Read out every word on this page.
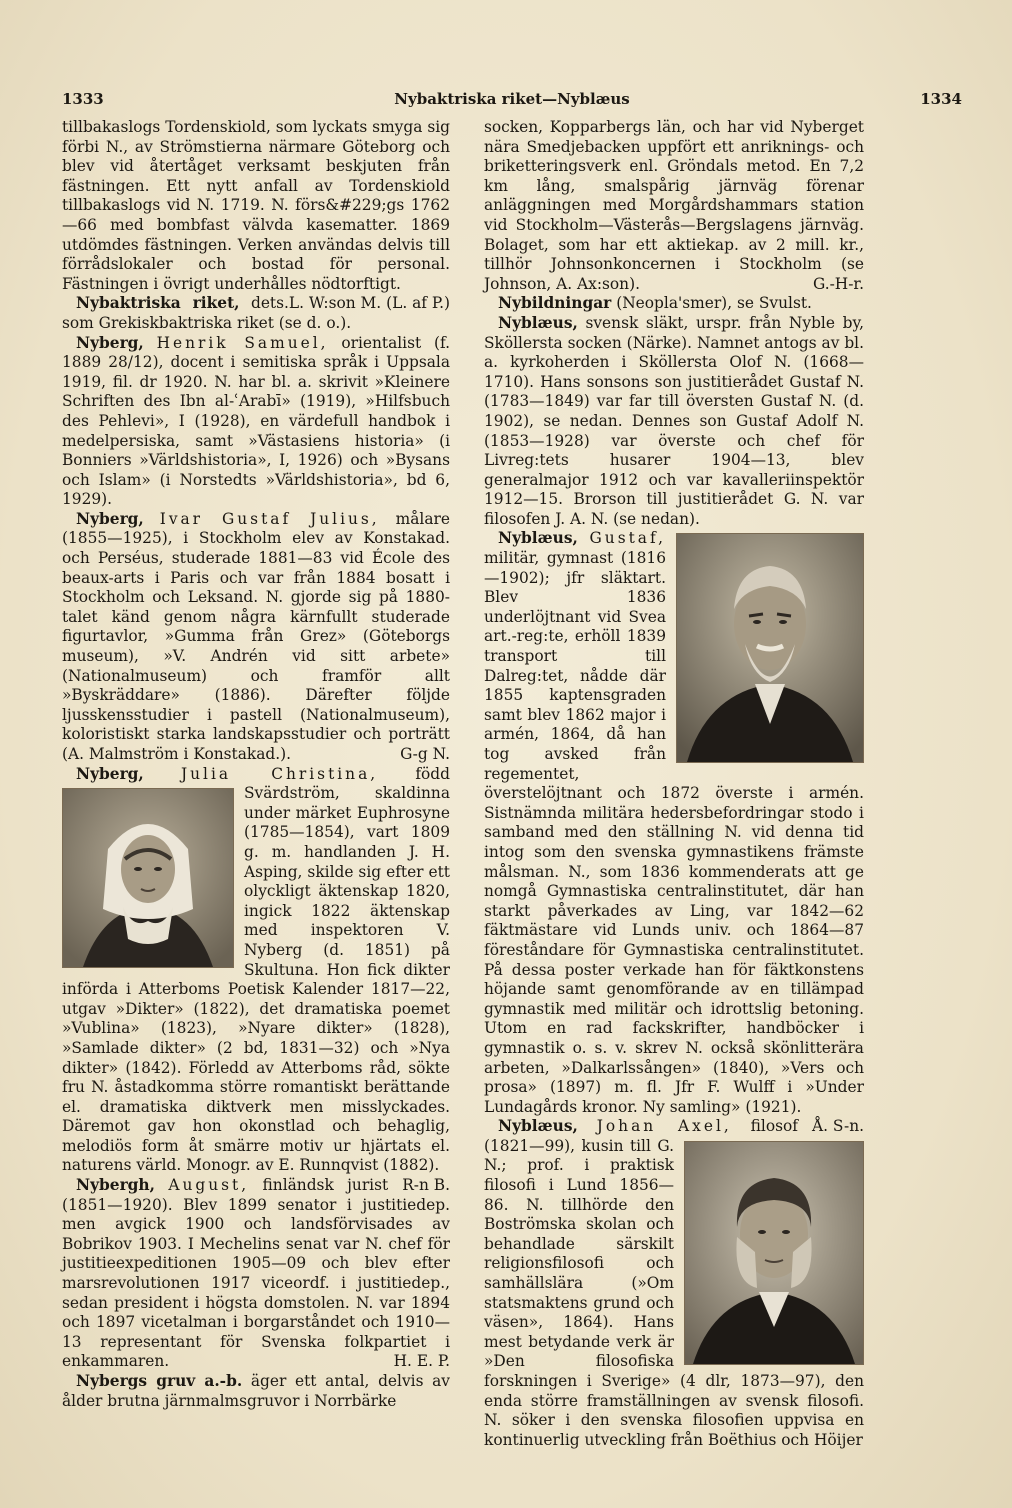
1333	Nybaktriska riket—Nyblæus	1334

tillbakaslogs Tordenskiold, som lyckats smyga sig förbi N., av Strömstierna närmare Göteborg och blev vid återtåget verksamt beskjuten från fästningen. Ett nytt anfall av Tordenskiold tillbakaslogs vid N. 1719. N. förs&#229;gs 1762—66 med bombfast välvda kasematter. 1869 utdömdes fästningen. Verken användas delvis till förrådslokaler och bostad för personal. Fästningen i övrigt underhålles nödtorftigt.
L. W:son M. (L. af P.)

Nybaktriska riket, dets. som Grekiskbaktriska riket (se d. o.).

Nyberg, Henrik Samuel, orientalist (f. 1889 28/12), docent i semitiska språk i Uppsala 1919, fil. dr 1920. N. har bl. a. skrivit »Kleinere Schriften des Ibn al-ʿArabī» (1919), »Hilfsbuch des Pehlevi», I (1928), en värdefull handbok i medelpersiska, samt »Västasiens historia» (i Bonniers »Världshistoria», I, 1926) och »Bysans och Islam» (i Norstedts »Världshistoria», bd 6, 1929).

Nyberg, Ivar Gustaf Julius, målare (1855—1925), i Stockholm elev av Konstakad. och Perséus, studerade 1881—83 vid École des beaux-arts i Paris och var från 1884 bosatt i Stockholm och Leksand. N. gjorde sig på 1880-talet känd genom några kärnfullt studerade figurtavlor, »Gumma från Grez» (Göteborgs museum), »V. Andrén vid sitt arbete» (Nationalmuseum) och framför allt »Byskräddare» (1886). Därefter följde ljusskensstudier i pastell (Nationalmuseum), koloristiskt starka landskapsstudier och porträtt (A. Malmström i Konstakad.).	G-g N.

Nyberg, Julia Christina, född Svärdström, skaldinna under märket Euphrosyne (1785—1854), vart 1809 g. m. handlanden J. H. Asping, skilde sig efter ett olyckligt äktenskap 1820, ingick 1822 äktenskap med inspektoren V. Nyberg (d. 1851) på Skultuna. Hon fick dikter införda i Atterboms Poetisk Kalender 1817—22, utgav »Dikter» (1822), det dramatiska poemet »Vublina» (1823), »Nyare dikter» (1828), »Samlade dikter» (2 bd, 1831—32) och »Nya dikter» (1842). Förledd av Atterboms råd, sökte fru N. åstadkomma större romantiskt berättande el. dramatiska diktverk men misslyckades. Däremot gav hon okonstlad och behaglig, melodiös form åt smärre motiv ur hjärtats el. naturens värld. Monogr. av E. Runnqvist (1882).
R-n B.

Nybergh, August, finländsk jurist (1851—1920). Blev 1899 senator i justitiedep. men avgick 1900 och landsförvisades av Bobrikov 1903. I Mechelins senat var N. chef för justitieexpeditionen 1905—09 och blev efter marsrevolutionen 1917 viceordf. i justitiedep., sedan president i högsta domstolen. N. var 1894 och 1897 vicetalman i borgarståndet och 1910—13 representant för Svenska folkpartiet i enkammaren.	H. E. P.

Nybergs gruv a.-b. äger ett antal, delvis av ålder brutna järnmalmsgruvor i Norrbärke

socken, Kopparbergs län, och har vid Nyberget nära Smedjebacken uppfört ett anriknings- och briketteringsverk enl. Gröndals metod. En 7,2 km lång, smalspårig järnväg förenar anläggningen med Morgårdshammars station vid Stockholm—Västerås—Bergslagens järnväg. Bolaget, som har ett aktiekap. av 2 mill. kr., tillhör Johnsonkoncernen i Stockholm (se Johnson, A. Ax:son).	G.-H-r.

Nybildningar (Neopla'smer), se Svulst.

Nyblæus, svensk släkt, urspr. från Nyble by, Sköllersta socken (Närke). Namnet antogs av bl. a. kyrkoherden i Sköllersta Olof N. (1668—1710). Hans sonsons son justitierådet Gustaf N. (1783—1849) var far till översten Gustaf N. (d. 1902), se nedan. Dennes son Gustaf Adolf N. (1853—1928) var överste och chef för Livreg:tets husarer 1904—13, blev generalmajor 1912 och var kavalleriinspektör 1912—15. Brorson till justitierådet G. N. var filosofen J. A. N. (se nedan).

Nyblæus, Gustaf,
militär, gymnast (1816—1902); jfr släktart. Blev 1836 underlöjtnant vid Svea art.-reg:te, erhöll 1839 transport till Dalreg:tet, nådde där 1855 kaptensgraden samt blev 1862 major i armén, 1864, då han tog avsked från regementet, överstelöjtnant och 1872 överste i armén. Sistnämnda militära hedersbefordringar stodo i samband med den ställning N. vid denna tid intog som den svenska gymnastikens främste målsman. N., som 1836 kommenderats att ge nomgå Gymnastiska centralinstitutet, där han starkt påverkades av Ling, var 1842—62 fäktmästare vid Lunds univ. och 1864—87 föreståndare för Gymnastiska centralinstitutet. På dessa poster verkade han för fäktkonstens höjande samt genomförande av en tillämpad gymnastik med militär och idrottslig betoning. Utom en rad fackskrifter, handböcker i gymnastik o. s. v. skrev N. också skönlitterära arbeten, »Dalkarlssången» (1840), »Vers och prosa» (1897) m. fl. Jfr F. Wulff i »Under Lundagårds kronor. Ny samling» (1921).
Å. S-n.

Nyblæus, Johan Axel, filosof (1821—99), kusin till G. N.; prof. i praktisk filosofi i Lund 1856—86. N. tillhörde den Boströmska skolan och behandlade särskilt religionsfilosofi och samhällslära (»Om statsmaktens grund och väsen», 1864). Hans mest betydande verk är »Den filosofiska forskningen i Sverige» (4 dlr, 1873—97), den enda större framställningen av svensk filosofi. N. söker i den svenska filosofien uppvisa en kontinuerlig utveckling från Boëthius och Höijer
